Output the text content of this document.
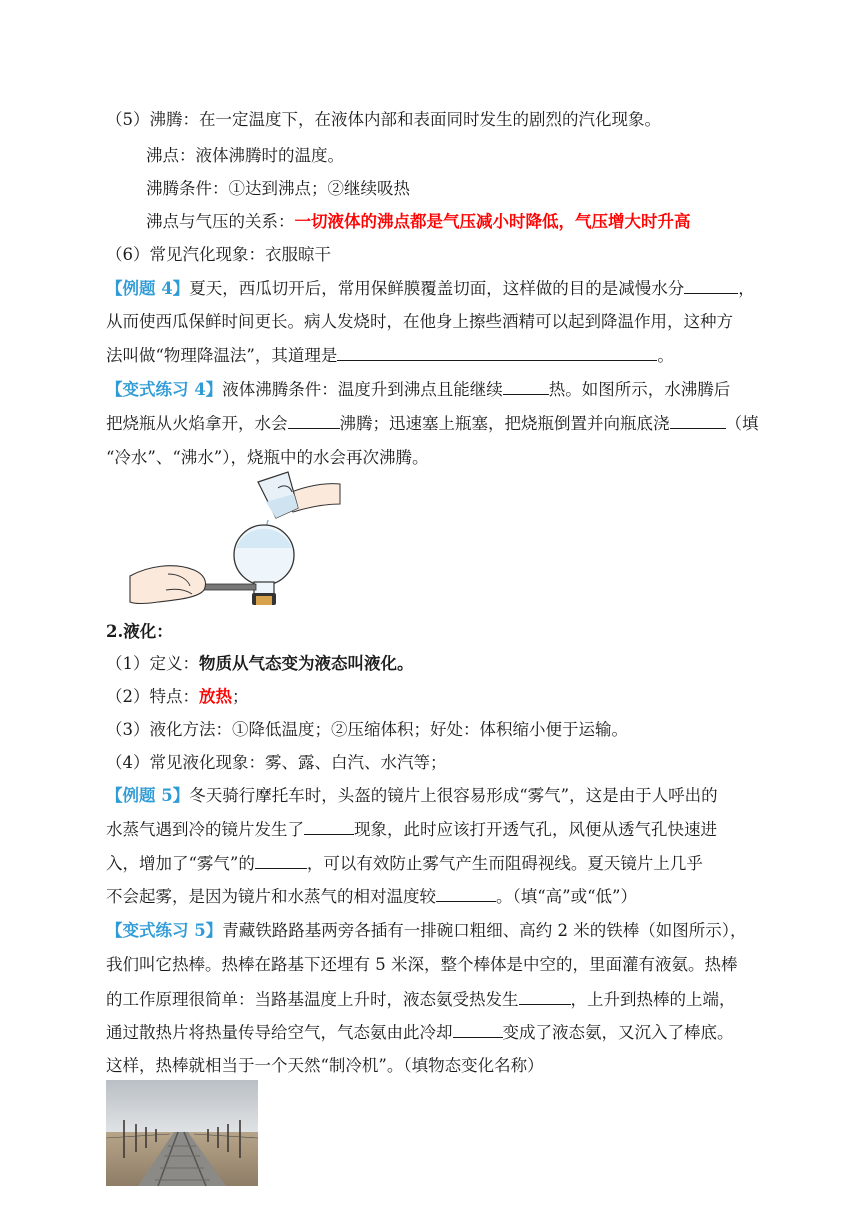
（5）沸腾：在一定温度下，在液体内部和表面同时发生的剧烈的汽化现象。
沸点：液体沸腾时的温度。
沸腾条件：①达到沸点；②继续吸热
沸点与气压的关系：一切液体的沸点都是气压减小时降低，气压增大时升高
（6）常见汽化现象：衣服晾干
【例题 4】夏天，西瓜切开后，常用保鲜膜覆盖切面，这样做的目的是减慢水分	，
从而使西瓜保鲜时间更长。病人发烧时，在他身上擦些酒精可以起到降温作用，这种方
法叫做“物理降温法”，其道理是	。
【变式练习 4】液体沸腾条件：温度升到沸点且能继续	热。如图所示，水沸腾后
把烧瓶从火焰拿开，水会	沸腾；迅速塞上瓶塞，把烧瓶倒置并向瓶底浇	（填
“冷水”、“沸水”），烧瓶中的水会再次沸腾。
2.液化：
（1）定义：物质从气态变为液态叫液化。
（2）特点：放热；
（3）液化方法：①降低温度；②压缩体积；好处：体积缩小便于运输。
（4）常见液化现象：雾、露、白汽、水汽等；
【例题 5】冬天骑行摩托车时，头盔的镜片上很容易形成“雾气”，这是由于人呼出的
水蒸气遇到冷的镜片发生了	现象，此时应该打开透气孔，风便从透气孔快速进
入，增加了“雾气”的	，可以有效防止雾气产生而阻碍视线。夏天镜片上几乎
不会起雾，是因为镜片和水蒸气的相对温度较	。（填“高”或“低”）
【变式练习 5】青藏铁路路基两旁各插有一排碗口粗细、高约 2 米的铁棒（如图所示），
我们叫它热棒。热棒在路基下还埋有 5 米深，整个棒体是中空的，里面灌有液氨。热棒
的工作原理很简单：当路基温度上升时，液态氨受热发生	，上升到热棒的上端，
通过散热片将热量传导给空气，气态氨由此冷却	变成了液态氨，又沉入了棒底。
这样，热棒就相当于一个天然“制冷机”。（填物态变化名称）
